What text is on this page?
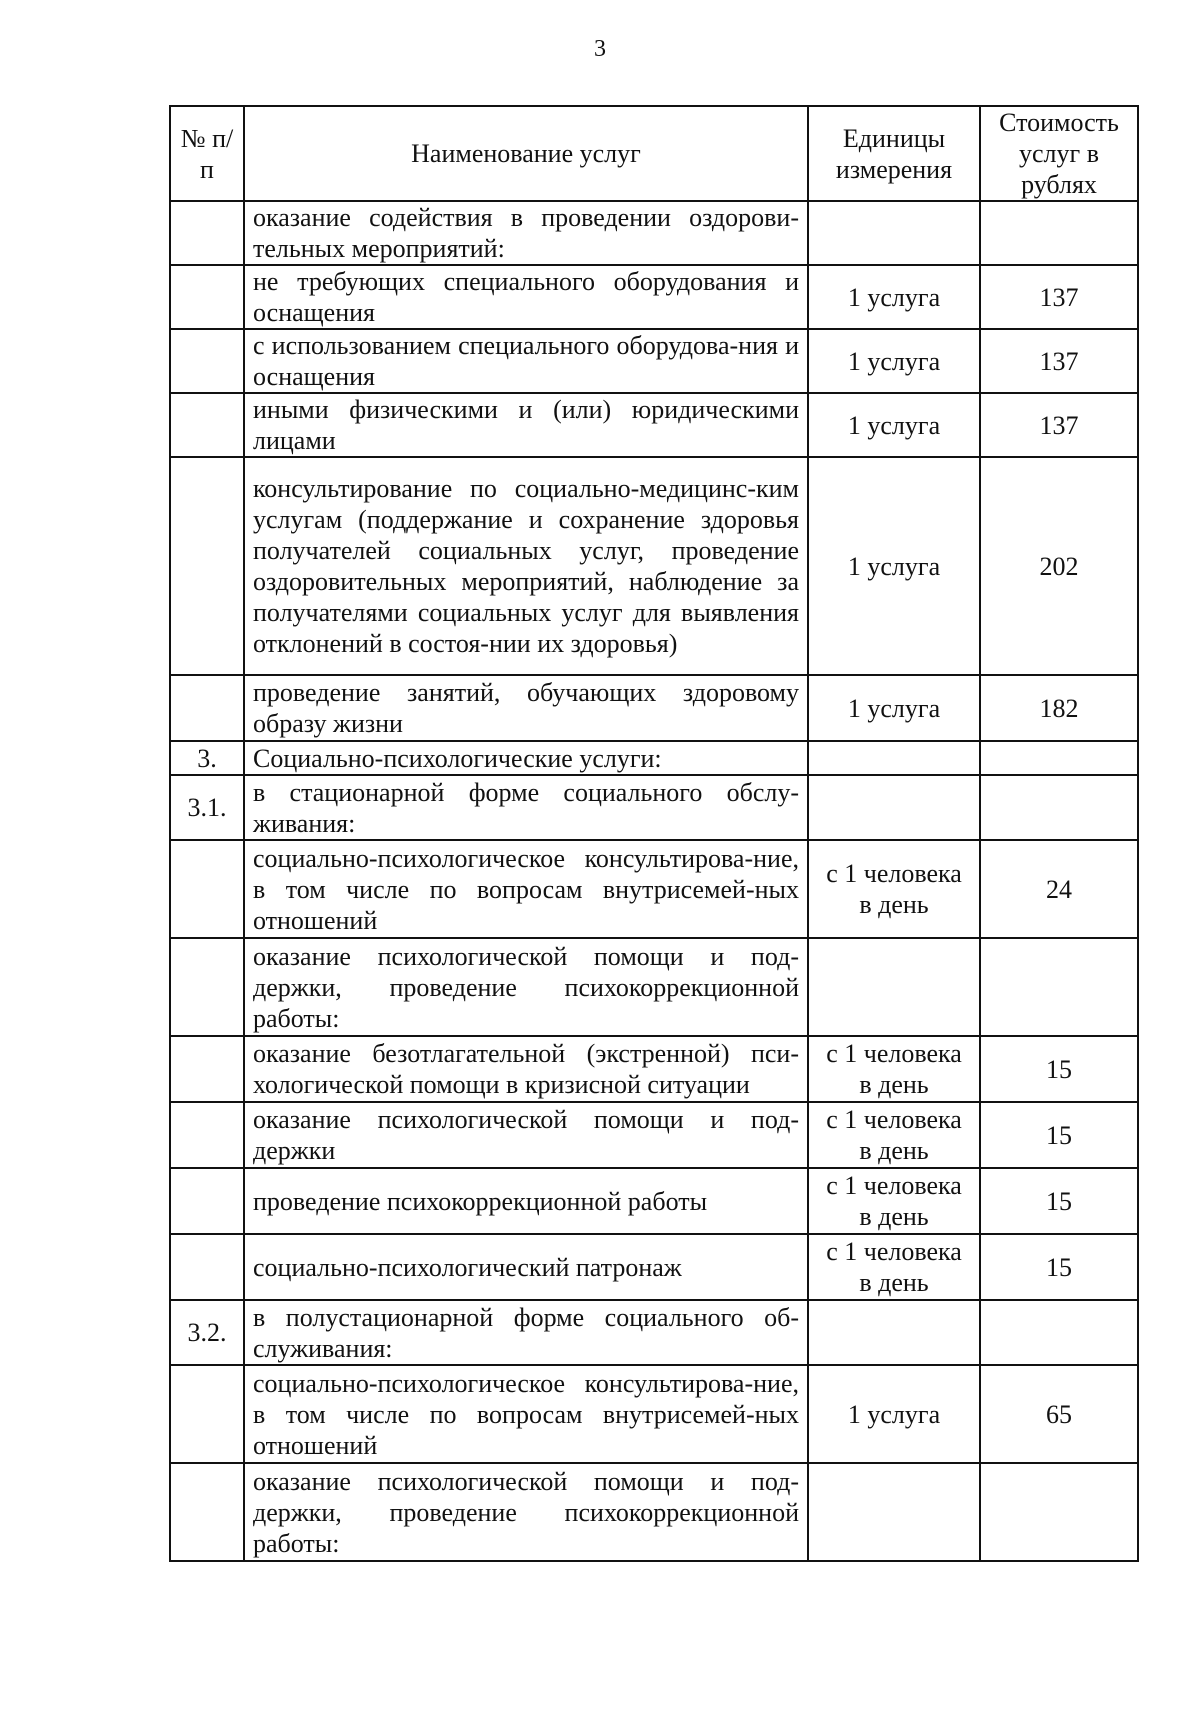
3
№ п/п	Наименование услуг	Единицы измерения	Стоимость услуг в рублях
	оказание содействия в проведении оздорови-тельных мероприятий:		
	не требующих специального оборудования и оснащения	1 услуга	137
	с использованием специального оборудова-ния и оснащения	1 услуга	137
	иными физическими и (или) юридическими лицами	1 услуга	137
	консультирование по социально-медицинс-ким услугам (поддержание и сохранение здоровья получателей социальных услуг, проведение оздоровительных мероприятий, наблюдение за получателями социальных услуг для выявления отклонений в состоя-нии их здоровья)	1 услуга	202
	проведение занятий, обучающих здоровому образу жизни	1 услуга	182
3.	Социально-психологические услуги:		
3.1.	в стационарной форме социального обслу-живания:		
	социально-психологическое консультирова-ние, в том числе по вопросам внутрисемей-ных отношений	с 1 человека в день	24
	оказание психологической помощи и под-держки, проведение психокоррекционной работы:		
	оказание безотлагательной (экстренной) пси-хологической помощи в кризисной ситуации	с 1 человека в день	15
	оказание психологической помощи и под-держки	с 1 человека в день	15
	проведение психокоррекционной работы	с 1 человека в день	15
	социально-психологический патронаж	с 1 человека в день	15
3.2.	в полустационарной форме социального об-служивания:		
	социально-психологическое консультирова-ние, в том числе по вопросам внутрисемей-ных отношений	1 услуга	65
	оказание психологической помощи и под-держки, проведение психокоррекционной работы:		
